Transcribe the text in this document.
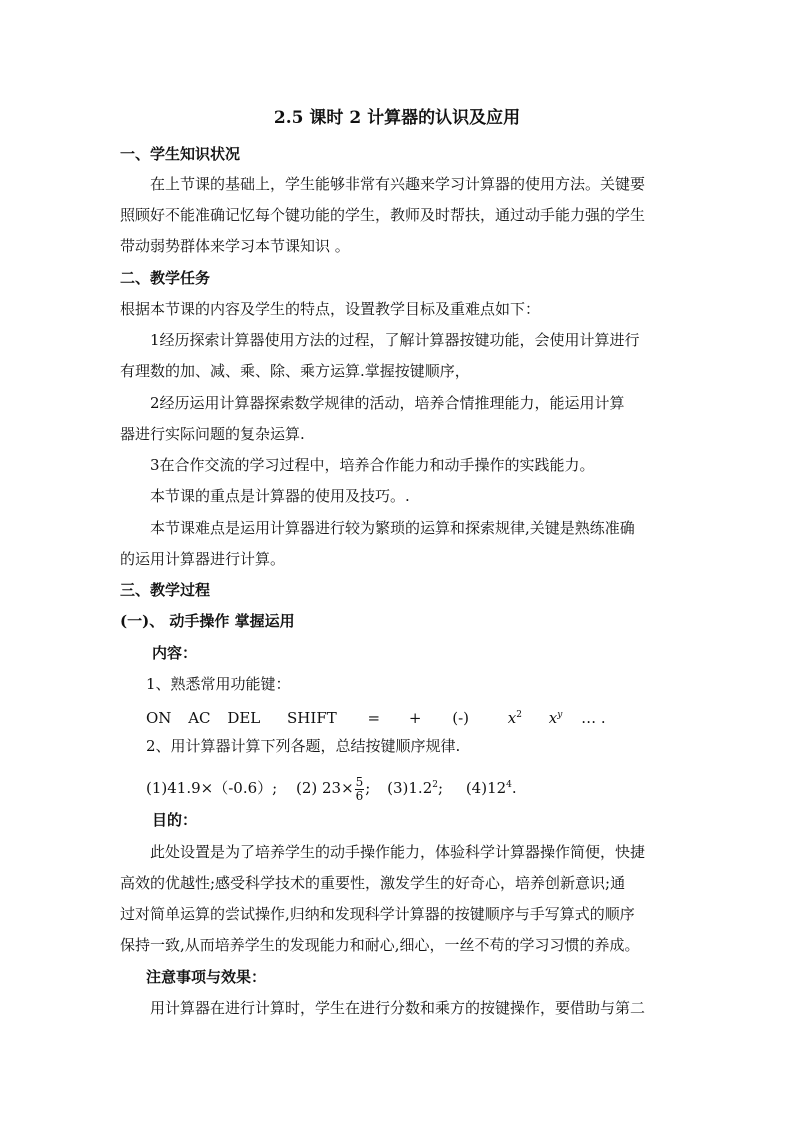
2.5 课时 2 计算器的认识及应用
一、学生知识状况
在上节课的基础上，学生能够非常有兴趣来学习计算器的使用方法。关键要
照顾好不能准确记忆每个键功能的学生，教师及时帮扶，通过动手能力强的学生
带动弱势群体来学习本节课知识 。
二、教学任务
根据本节课的内容及学生的特点，设置教学目标及重难点如下：
1经历探索计算器使用方法的过程，了解计算器按键功能，会使用计算进行
有理数的加、减、乘、除、乘方运算.掌握按键顺序，
2经历运用计算器探索数学规律的活动，培养合情推理能力，能运用计算
器进行实际问题的复杂运算.
3在合作交流的学习过程中，培养合作能力和动手操作的实践能力。
本节课的重点是计算器的使用及技巧。.
本节课难点是运用计算器进行较为繁琐的运算和探索规律,关键是熟练准确
的运用计算器进行计算。
三、教学过程
(一)、 动手操作 掌握运用
内容：
1、熟悉常用功能键：
ON AC DEL SHIFT = + (-)	$x^2$ $x^y$ … .
2、用计算器计算下列各题，总结按键顺序规律.
(1)41.9×（-0.6）; (2) $23\times \frac{5}{6}$ ; $(3)1.2^2$; $(4)12^4$.
目的：
此处设置是为了培养学生的动手操作能力，体验科学计算器操作简便，快捷
高效的优越性;感受科学技术的重要性，激发学生的好奇心，培养创新意识;通
过对简单运算的尝试操作,归纳和发现科学计算器的按键顺序与手写算式的顺序
保持一致,从而培养学生的发现能力和耐心,细心，一丝不苟的学习习惯的养成。
注意事项与效果：
用计算器在进行计算时，学生在进行分数和乘方的按键操作，要借助与第二
